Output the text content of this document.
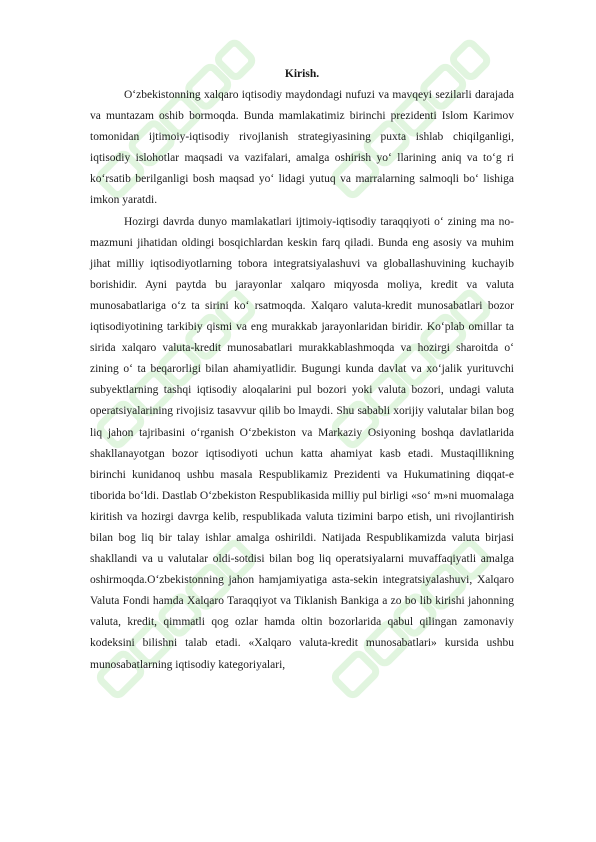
Kirish.

O‘zbekistonning xalqaro iqtisodiy maydondagi nufuzi va mavqeyi sezilarli darajada va muntazam oshib bormoqda. Bunda mamlakatimiz birinchi prezidenti Islom Karimov tomonidan ijtimoiy-iqtisodiy rivojlanish strategiyasining puxta ishlab chiqilganligi, iqtisodiy islohotlar maqsadi va vazifalari, amalga oshirish yo‘ llarining aniq va to‘g ri ko‘rsatib berilganligi bosh maqsad yo‘ lidagi yutuq va marralarning salmoqli bo‘ lishiga imkon yaratdi.

Hozirgi davrda dunyo mamlakatlari ijtimoiy-iqtisodiy taraqqiyoti o‘ zining ma no-mazmuni jihatidan oldingi bosqichlardan keskin farq qiladi. Bunda eng asosiy va muhim jihat milliy iqtisodiyotlarning tobora integratsiyalashuvi va globallashuvining kuchayib borishidir. Ayni paytda bu jarayonlar xalqaro miqyosda moliya, kredit va valuta munosabatlariga o‘z ta sirini ko‘ rsatmoqda. Xalqaro valuta-kredit munosabatlari bozor iqtisodiyotining tarkibiy qismi va eng murakkab jarayonlaridan biridir. Ko‘plab omillar ta sirida xalqaro valuta-kredit munosabatlari murakkablashmoqda va hozirgi sharoitda o‘ zining o‘ ta beqarorligi bilan ahamiyatlidir. Bugungi kunda davlat va xo‘jalik yurituvchi subyektlarning tashqi iqtisodiy aloqalarini pul bozori yoki valuta bozori, undagi valuta operatsiyalarining rivojisiz tasavvur qilib bo lmaydi. Shu sababli xorijiy valutalar bilan bog liq jahon tajribasini o‘rganish O‘zbekiston va Markaziy Osiyoning boshqa davlatlarida shakllanayotgan bozor iqtisodiyoti uchun katta ahamiyat kasb etadi. Mustaqillikning birinchi kunidanoq ushbu masala Respublikamiz Prezidenti va Hukumatining diqqat-e tiborida bo‘ldi. Dastlab O‘zbekiston Respublikasida milliy pul birligi «so‘ m»ni muomalaga kiritish va hozirgi davrga kelib, respublikada valuta tizimini barpo etish, uni rivojlantirish bilan bog liq bir talay ishlar amalga oshirildi. Natijada Respublikamizda valuta birjasi shakllandi va u valutalar oldi-sotdisi bilan bog liq operatsiyalarni muvaffaqiyatli amalga oshirmoqda.O‘zbekistonning jahon hamjamiyatiga asta-sekin integratsiyalashuvi, Xalqaro Valuta Fondi hamda Xalqaro Taraqqiyot va Tiklanish Bankiga a zo bo lib kirishi jahonning valuta, kredit, qimmatli qog ozlar hamda oltin bozorlarida qabul qilingan zamonaviy kodeksini bilishni talab etadi. «Xalqaro valuta-kredit munosabatlari» kursida ushbu munosabatlarning iqtisodiy kategoriyalari,
